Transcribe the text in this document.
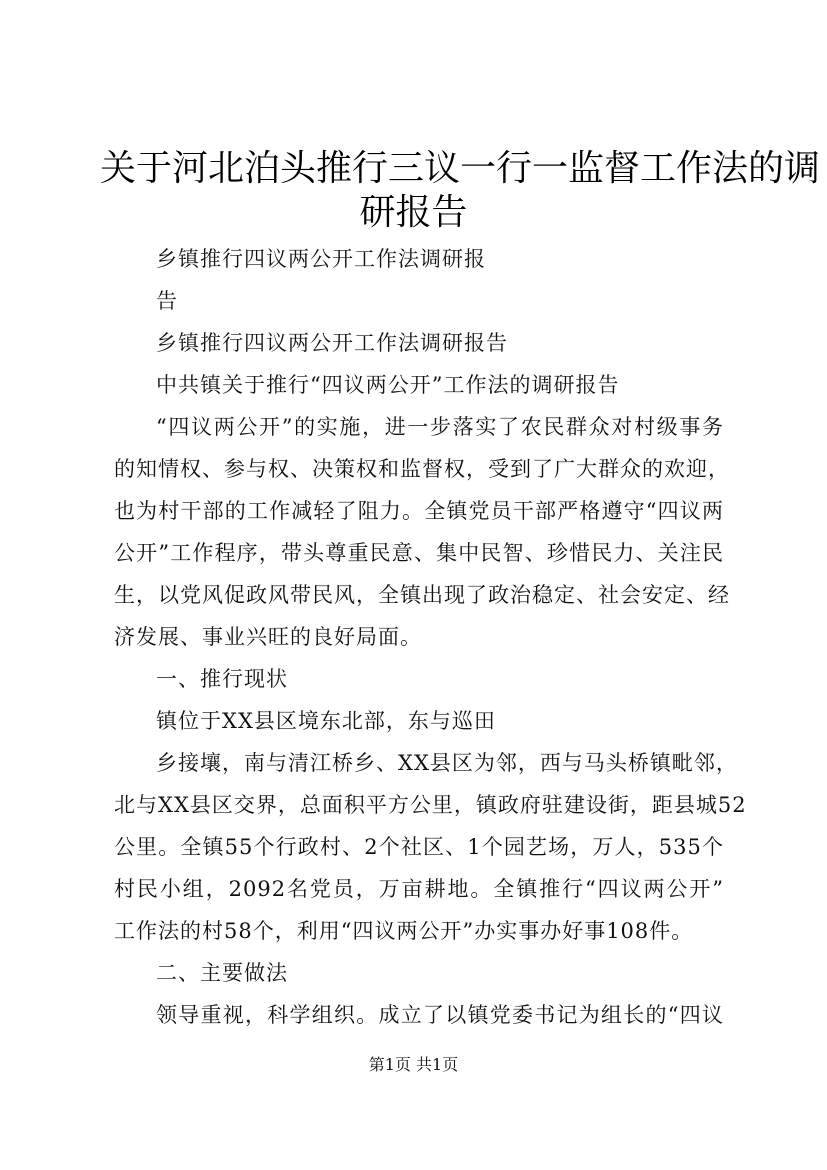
关于河北泊头推行三议一行一监督工作法的调
研报告
乡镇推行四议两公开工作法调研报
告
乡镇推行四议两公开工作法调研报告
中共镇关于推行“四议两公开”工作法的调研报告
“四议两公开”的实施，进一步落实了农民群众对村级事务
的知情权、参与权、决策权和监督权，受到了广大群众的欢迎，
也为村干部的工作减轻了阻力。全镇党员干部严格遵守“四议两
公开”工作程序，带头尊重民意、集中民智、珍惜民力、关注民
生，以党风促政风带民风，全镇出现了政治稳定、社会安定、经
济发展、事业兴旺的良好局面。
一、推行现状
镇位于XX县区境东北部，东与巡田
乡接壤，南与清江桥乡、XX县区为邻，西与马头桥镇毗邻，
北与XX县区交界，总面积平方公里，镇政府驻建设街，距县城52
公里。全镇55个行政村、2个社区、1个园艺场，万人，535个
村民小组，2092名党员，万亩耕地。全镇推行“四议两公开”
工作法的村58个，利用“四议两公开”办实事办好事108件。
二、主要做法
领导重视，科学组织。成立了以镇党委书记为组长的“四议
第1页 共1页
